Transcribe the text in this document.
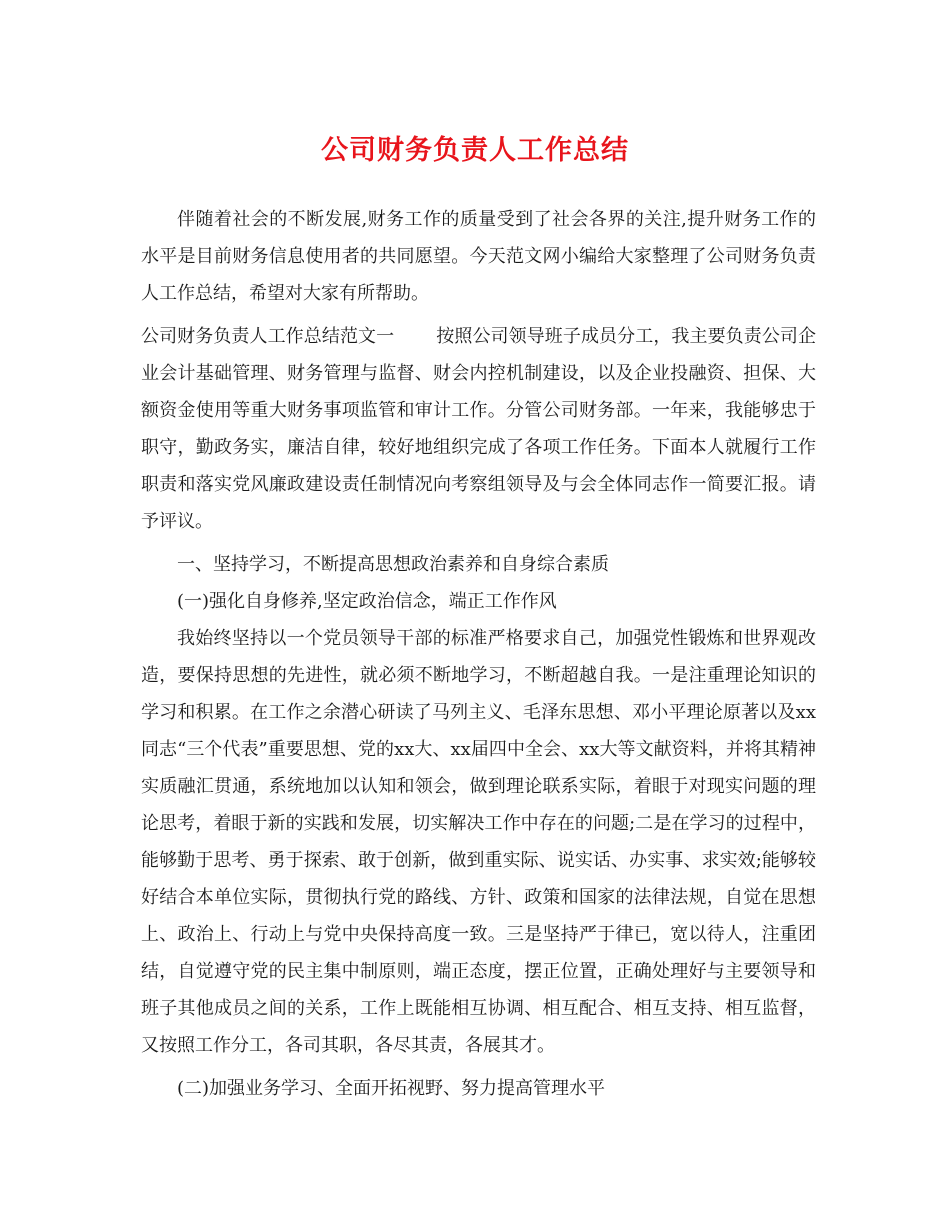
公司财务负责人工作总结

伴随着社会的不断发展,财务工作的质量受到了社会各界的关注,提升财务工作的水平是目前财务信息使用者的共同愿望。今天范文网小编给大家整理了公司财务负责人工作总结，希望对大家有所帮助。

公司财务负责人工作总结范文一 按照公司领导班子成员分工，我主要负责公司企业会计基础管理、财务管理与监督、财会内控机制建设，以及企业投融资、担保、大额资金使用等重大财务事项监管和审计工作。分管公司财务部。一年来，我能够忠于职守，勤政务实，廉洁自律，较好地组织完成了各项工作任务。下面本人就履行工作职责和落实党风廉政建设责任制情况向考察组领导及与会全体同志作一简要汇报。请予评议。

一、坚持学习，不断提高思想政治素养和自身综合素质

(一)强化自身修养,坚定政治信念，端正工作作风

我始终坚持以一个党员领导干部的标准严格要求自己，加强党性锻炼和世界观改造，要保持思想的先进性，就必须不断地学习，不断超越自我。一是注重理论知识的学习和积累。在工作之余潜心研读了马列主义、毛泽东思想、邓小平理论原著以及xx同志“三个代表”重要思想、党的xx大、xx届四中全会、xx大等文献资料，并将其精神实质融汇贯通，系统地加以认知和领会，做到理论联系实际，着眼于对现实问题的理论思考，着眼于新的实践和发展，切实解决工作中存在的问题;二是在学习的过程中，能够勤于思考、勇于探索、敢于创新，做到重实际、说实话、办实事、求实效;能够较好结合本单位实际，贯彻执行党的路线、方针、政策和国家的法律法规，自觉在思想上、政治上、行动上与党中央保持高度一致。三是坚持严于律已，宽以待人，注重团结，自觉遵守党的民主集中制原则，端正态度，摆正位置，正确处理好与主要领导和班子其他成员之间的关系，工作上既能相互协调、相互配合、相互支持、相互监督，又按照工作分工，各司其职，各尽其责，各展其才。

(二)加强业务学习、全面开拓视野、努力提高管理水平
